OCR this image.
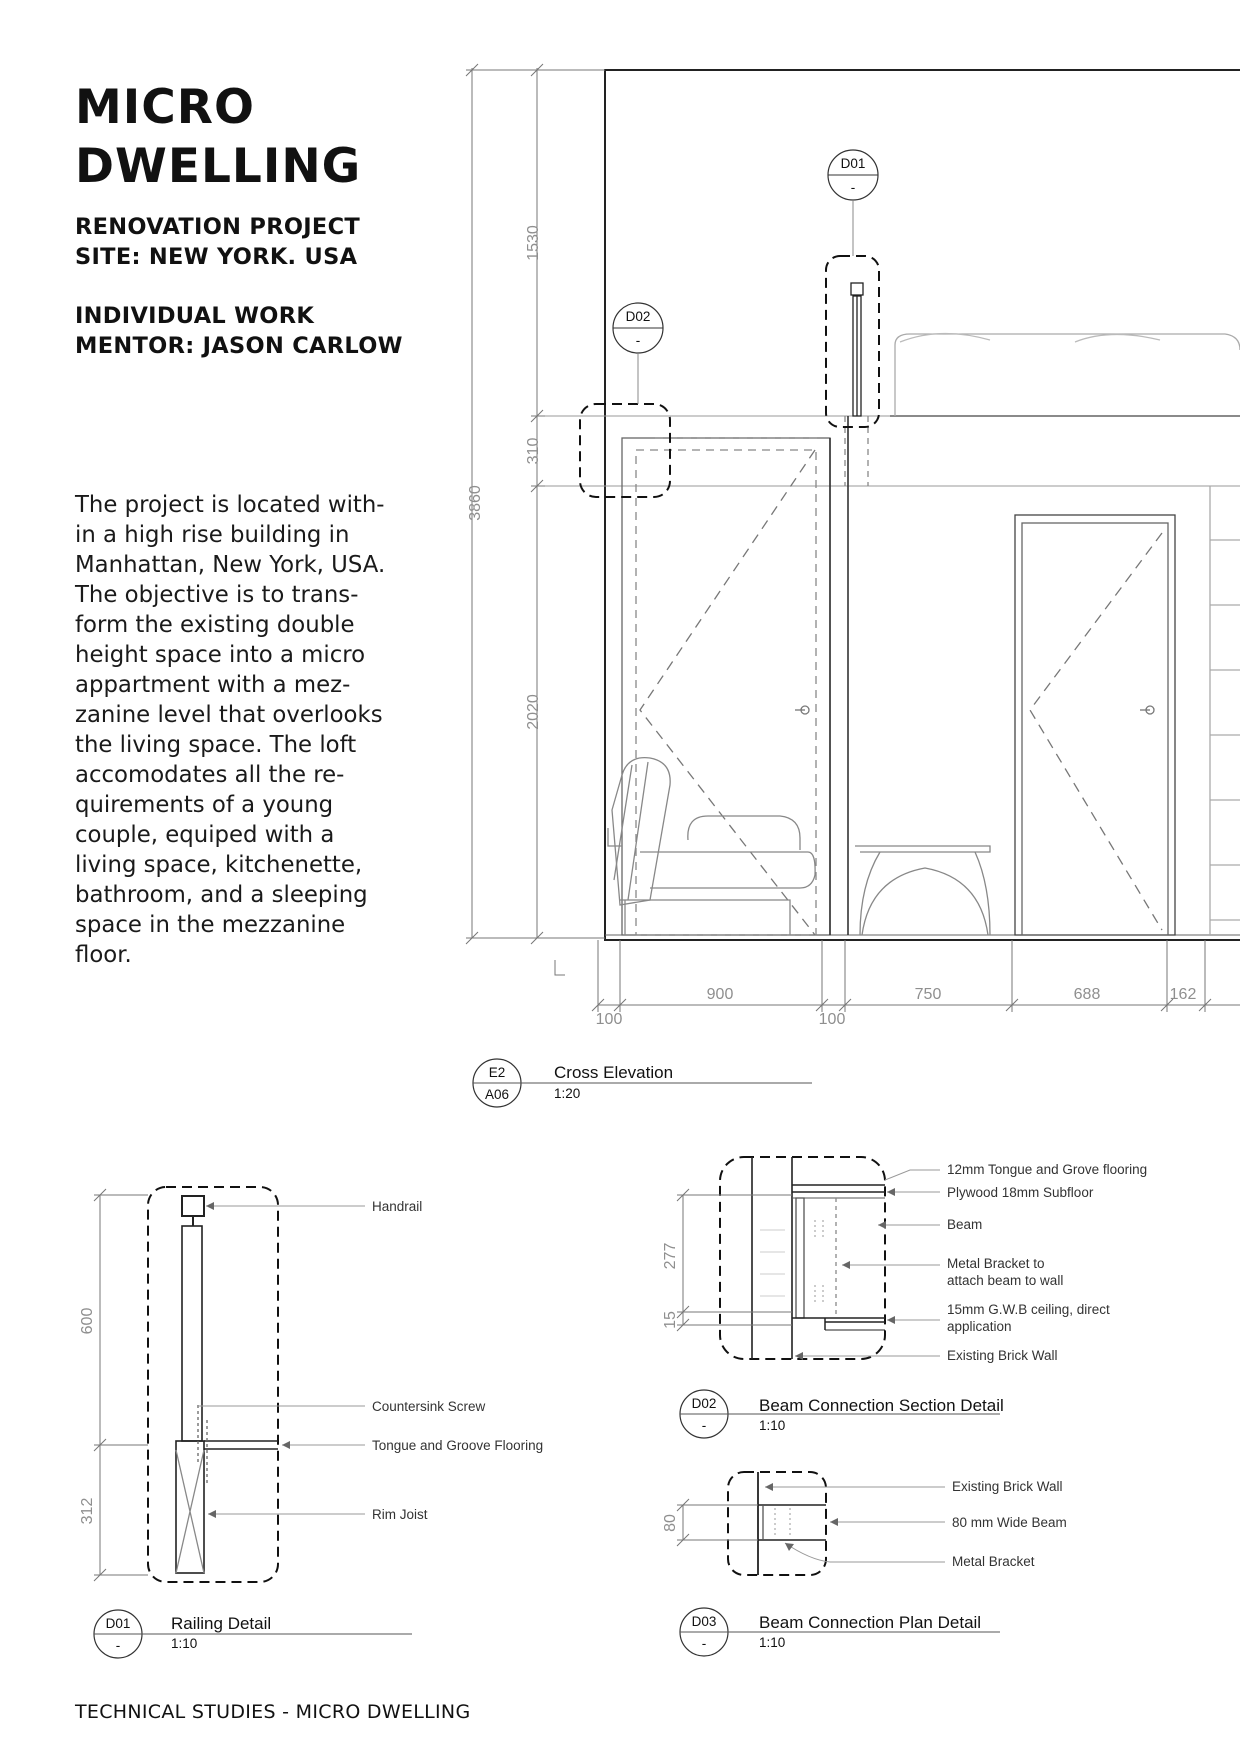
MICRO
DWELLING
RENOVATION PROJECT
SITE: NEW YORK. USA
INDIVIDUAL WORK
MENTOR: JASON CARLOW
The project is located with-
in a high rise building in
Manhattan, New York, USA.
The objective is to trans-
form the existing double
height space into a micro
appartment with a mez-
zanine level that overlooks
the living space. The loft
accomodates all the re-
quirements of a young
couple, equiped with a
living space, kitchenette,
bathroom, and a sleeping
space in the mezzanine
floor.
TECHNICAL STUDIES - MICRO DWELLING
D01
-
D02
-
3860
1530
310
2020
900	750	688	162
100	100
E2
A06
Cross Elevation
1:20
600
312
Handrail
Countersink Screw
Tongue and Groove Flooring
Rim Joist
D01
-
Railing Detail
1:10
277
15
12mm Tongue and Grove flooring
Plywood 18mm Subfloor
Beam
Metal Bracket to
attach beam to wall
15mm G.W.B ceiling, direct
application
Existing Brick Wall
D02
-
Beam Connection Section Detail
1:10
80
Existing Brick Wall
80 mm Wide Beam
Metal Bracket
D03
-
Beam Connection Plan Detail
1:10
